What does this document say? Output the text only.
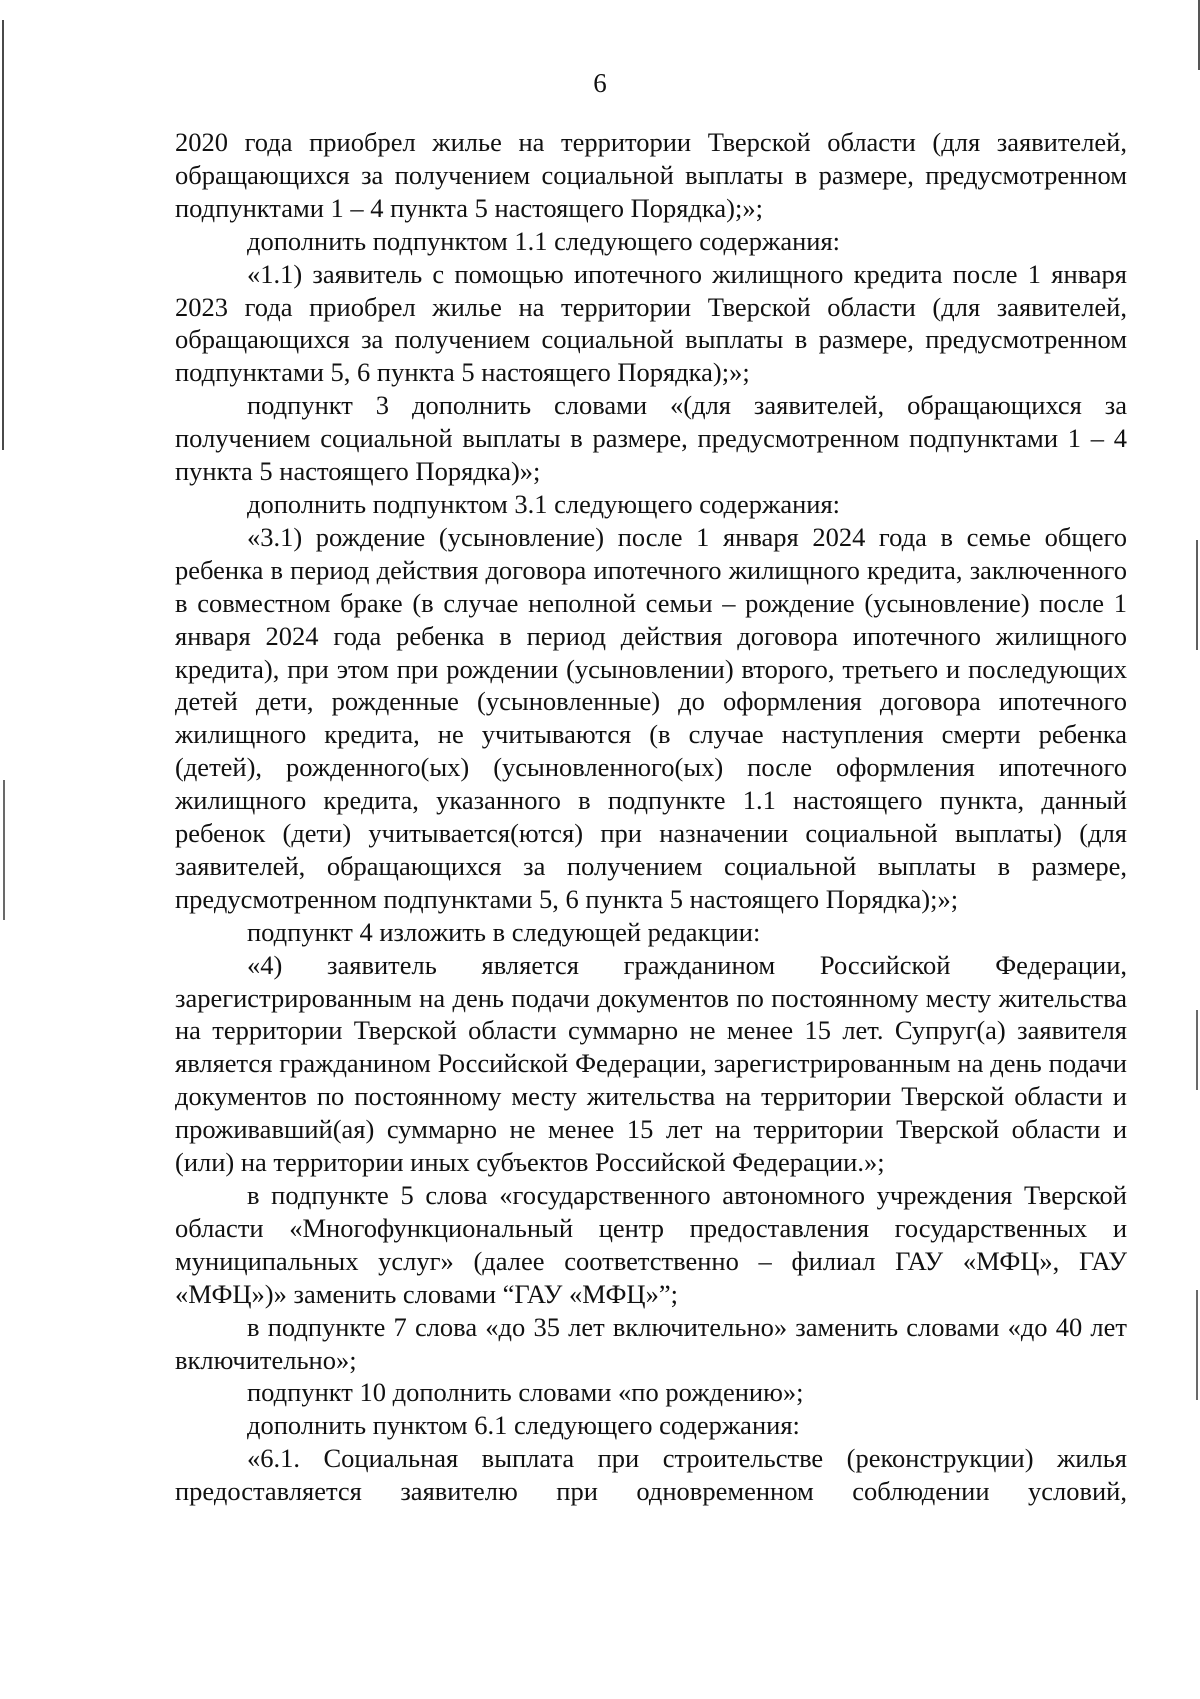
6

2020 года приобрел жилье на территории Тверской области (для заявителей, обращающихся за получением социальной выплаты в размере, предусмотренном подпунктами 1 – 4 пункта 5 настоящего Порядка);»;

дополнить подпунктом 1.1 следующего содержания:

«1.1) заявитель с помощью ипотечного жилищного кредита после 1 января 2023 года приобрел жилье на территории Тверской области (для заявителей, обращающихся за получением социальной выплаты в размере, предусмотренном подпунктами 5, 6 пункта 5 настоящего Порядка);»;

подпункт 3 дополнить словами «(для заявителей, обращающихся за получением социальной выплаты в размере, предусмотренном подпунктами 1 – 4 пункта 5 настоящего Порядка)»;

дополнить подпунктом 3.1 следующего содержания:

«3.1) рождение (усыновление) после 1 января 2024 года в семье общего ребенка в период действия договора ипотечного жилищного кредита, заключенного в совместном браке (в случае неполной семьи – рождение (усыновление) после 1 января 2024 года ребенка в период действия договора ипотечного жилищного кредита), при этом при рождении (усыновлении) второго, третьего и последующих детей дети, рожденные (усыновленные) до оформления договора ипотечного жилищного кредита, не учитываются (в случае наступления смерти ребенка (детей), рожденного(ых) (усыновленного(ых) после оформления ипотечного жилищного кредита, указанного в подпункте 1.1 настоящего пункта, данный ребенок (дети) учитывается(ются) при назначении социальной выплаты) (для заявителей, обращающихся за получением социальной выплаты в размере, предусмотренном подпунктами 5, 6 пункта 5 настоящего Порядка);»;

подпункт 4 изложить в следующей редакции:

«4) заявитель является гражданином Российской Федерации, зарегистрированным на день подачи документов по постоянному месту жительства на территории Тверской области суммарно не менее 15 лет. Супруг(а) заявителя является гражданином Российской Федерации, зарегистрированным на день подачи документов по постоянному месту жительства на территории Тверской области и проживавший(ая) суммарно не менее 15 лет на территории Тверской области и (или) на территории иных субъектов Российской Федерации.»;

в подпункте 5 слова «государственного автономного учреждения Тверской области «Многофункциональный центр предоставления государственных и муниципальных услуг» (далее соответственно – филиал ГАУ «МФЦ», ГАУ «МФЦ»)» заменить словами “ГАУ «МФЦ»”;

в подпункте 7 слова «до 35 лет включительно» заменить словами «до 40 лет включительно»;

подпункт 10 дополнить словами «по рождению»;

дополнить пунктом 6.1 следующего содержания:

«6.1. Социальная выплата при строительстве (реконструкции) жилья предоставляется заявителю при одновременном соблюдении условий,
